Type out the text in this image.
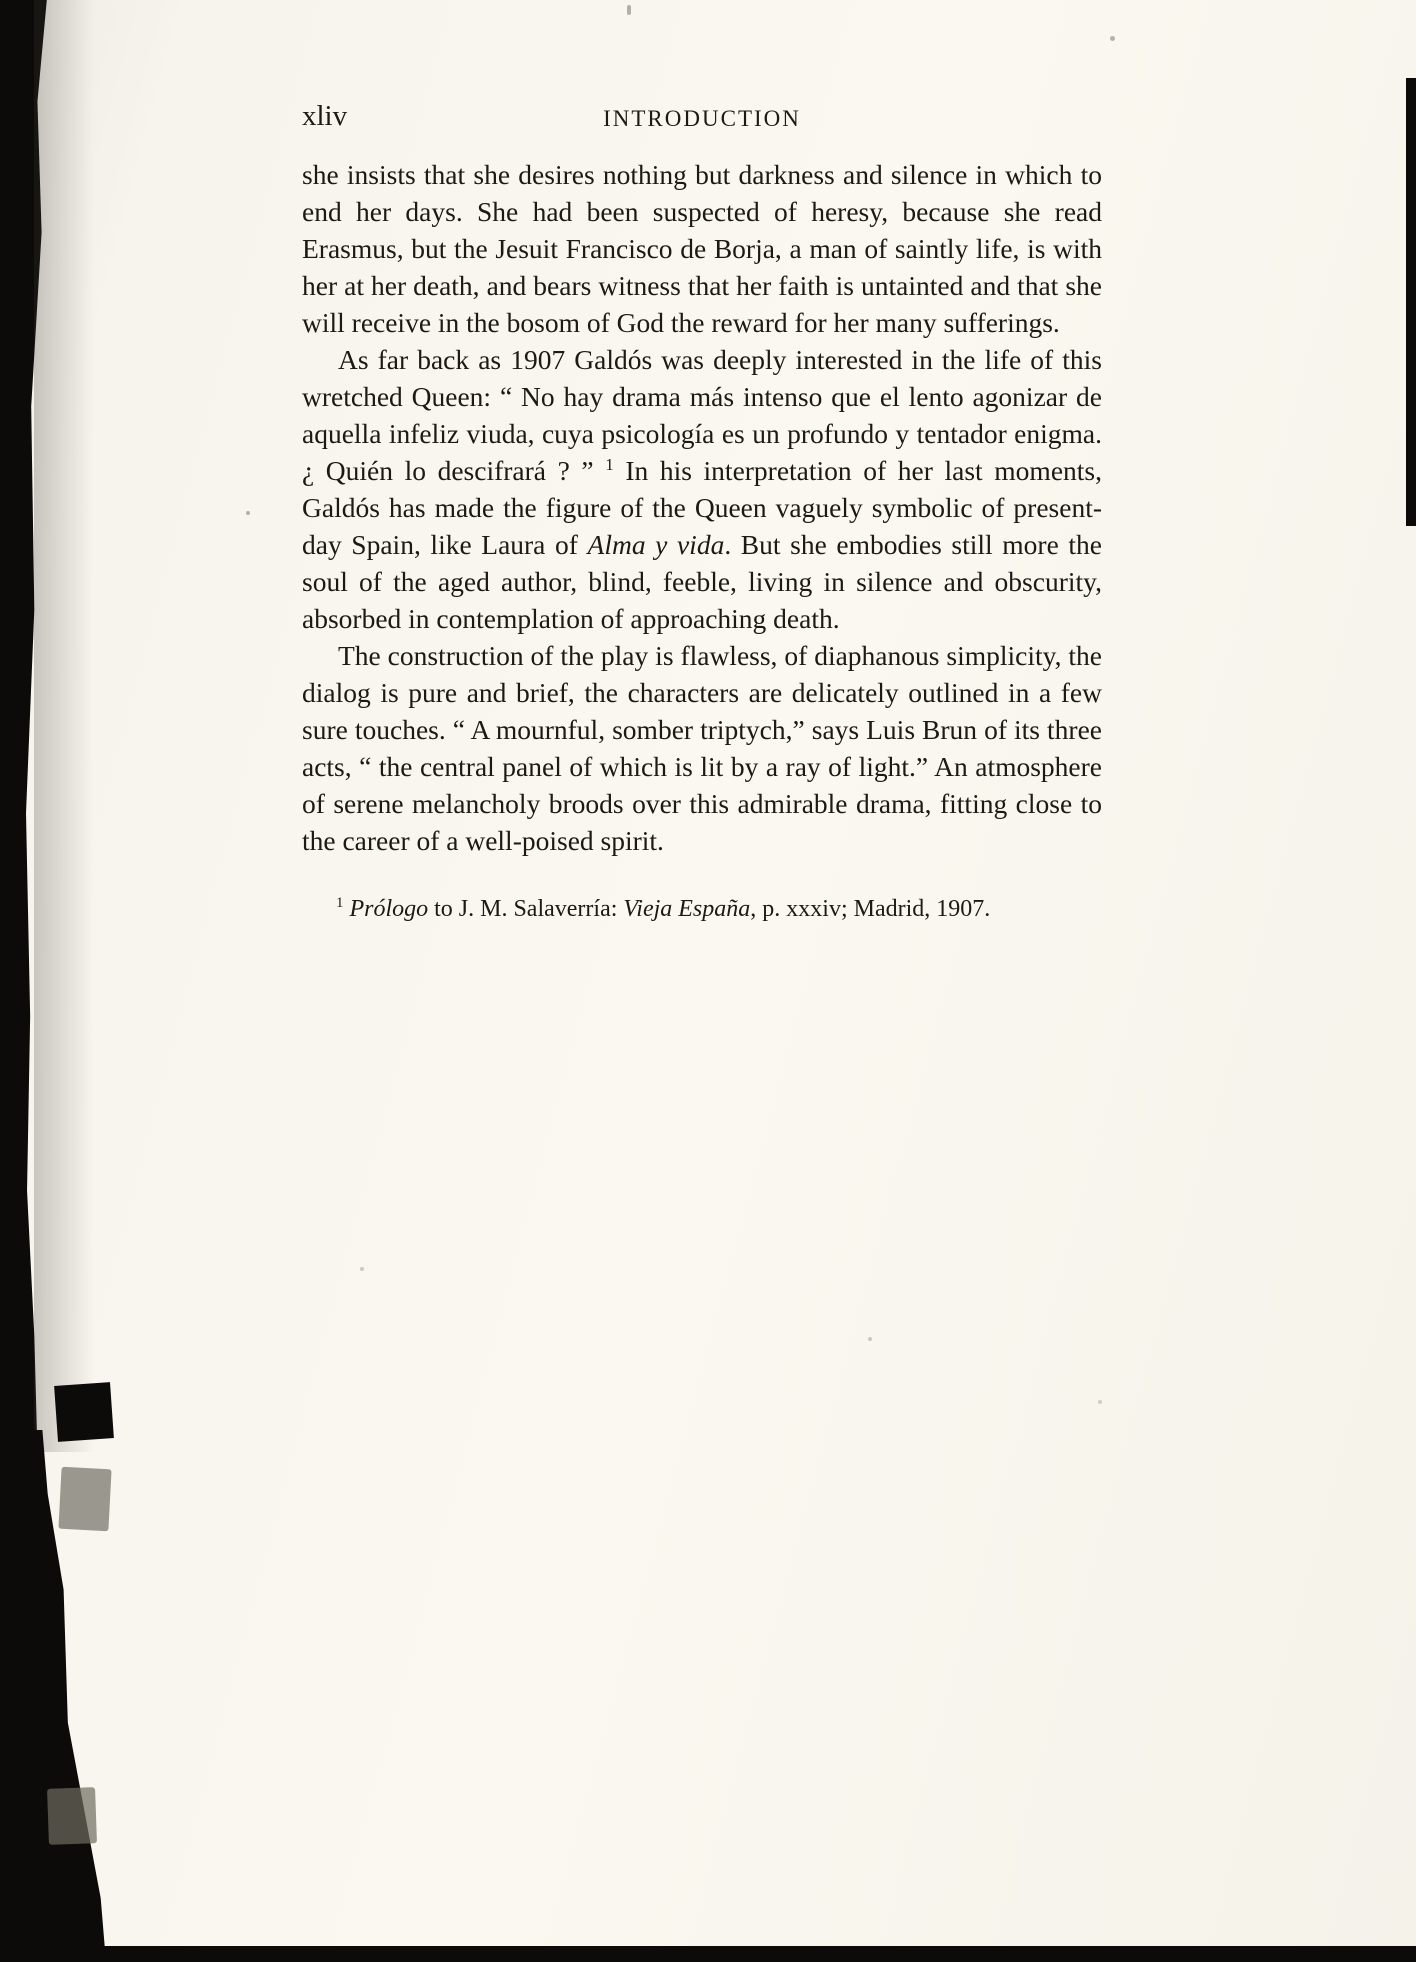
xliv	INTRODUCTION

she insists that she desires nothing but darkness and silence in which to end her days. She had been suspected of heresy, because she read Erasmus, but the Jesuit Francisco de Borja, a man of saintly life, is with her at her death, and bears witness that her faith is untainted and that she will receive in the bosom of God the reward for her many sufferings.

As far back as 1907 Galdós was deeply interested in the life of this wretched Queen: “ No hay drama más intenso que el lento agonizar de aquella infeliz viuda, cuya psicología es un profundo y tentador enigma. ¿ Quién lo descifrará ? ” $^1$ In his interpretation of her last moments, Galdós has made the figure of the Queen vaguely symbolic of present-day Spain, like Laura of Alma y vida. But she embodies still more the soul of the aged author, blind, feeble, living in silence and obscurity, absorbed in contemplation of approaching death.

The construction of the play is flawless, of diaphanous simplicity, the dialog is pure and brief, the characters are delicately outlined in a few sure touches. “ A mournful, somber triptych,” says Luis Brun of its three acts, “ the central panel of which is lit by a ray of light.” An atmosphere of serene melancholy broods over this admirable drama, fitting close to the career of a well-poised spirit.

$^1$ Prólogo to J. M. Salaverría: Vieja España, p. xxxiv; Madrid, 1907.
